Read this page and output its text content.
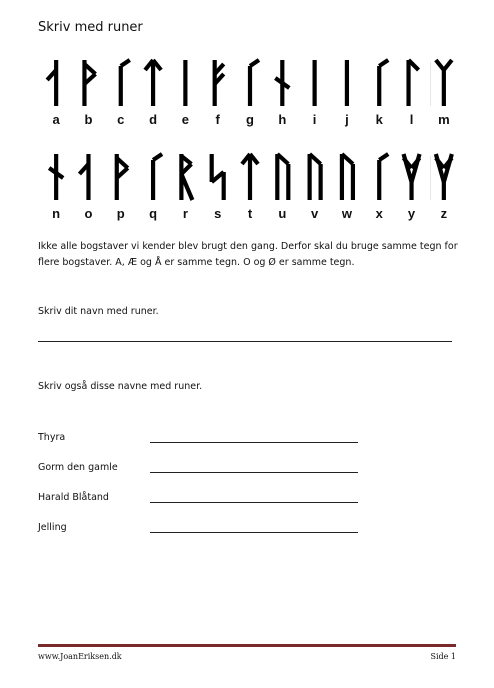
Skriv med runer
a b c d e f g h i j k l m
n o p q r s t u v w x y z
Ikke alle bogstaver vi kender blev brugt den gang. Derfor skal du bruge samme tegn for flere bogstaver. A, Æ og Å er samme tegn. O og Ø er samme tegn.
Skriv dit navn med runer.
Skriv også disse navne med runer.
Thyra
Gorm den gamle
Harald Blåtand
Jelling
www.JoanEriksen.dk	Side 1
